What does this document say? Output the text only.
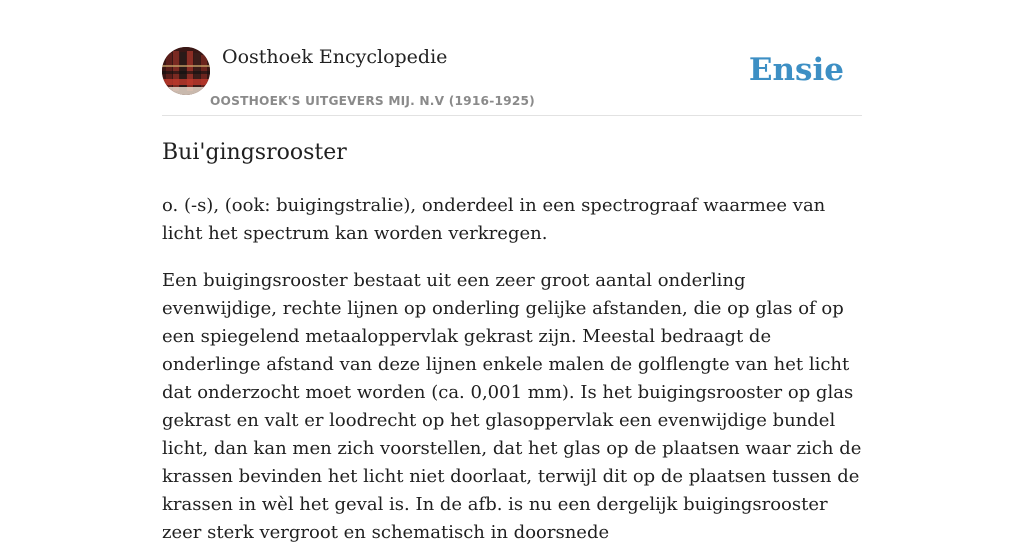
Oosthoek Encyclopedie
OOSTHOEK'S UITGEVERS MIJ. N.V (1916-1925)
Ensie
Bui'gingsrooster

o. (-s), (ook: buigingstralie), onderdeel in een spectrograaf waarmee van licht het spectrum kan worden verkregen.

Een buigingsrooster bestaat uit een zeer groot aantal onderling evenwijdige, rechte lijnen op onderling gelijke afstanden, die op glas of op een spiegelend metaaloppervlak gekrast zijn. Meestal bedraagt de onderlinge afstand van deze lijnen enkele malen de golflengte van het licht dat onderzocht moet worden (ca. 0,001 mm). Is het buigingsrooster op glas gekrast en valt er loodrecht op het glasoppervlak een evenwijdige bundel licht, dan kan men zich voorstellen, dat het glas op de plaatsen waar zich de krassen bevinden het licht niet doorlaat, terwijl dit op de plaatsen tussen de krassen in wèl het geval is. In de afb. is nu een dergelijk buigingsrooster zeer sterk vergroot en schematisch in doorsnede
